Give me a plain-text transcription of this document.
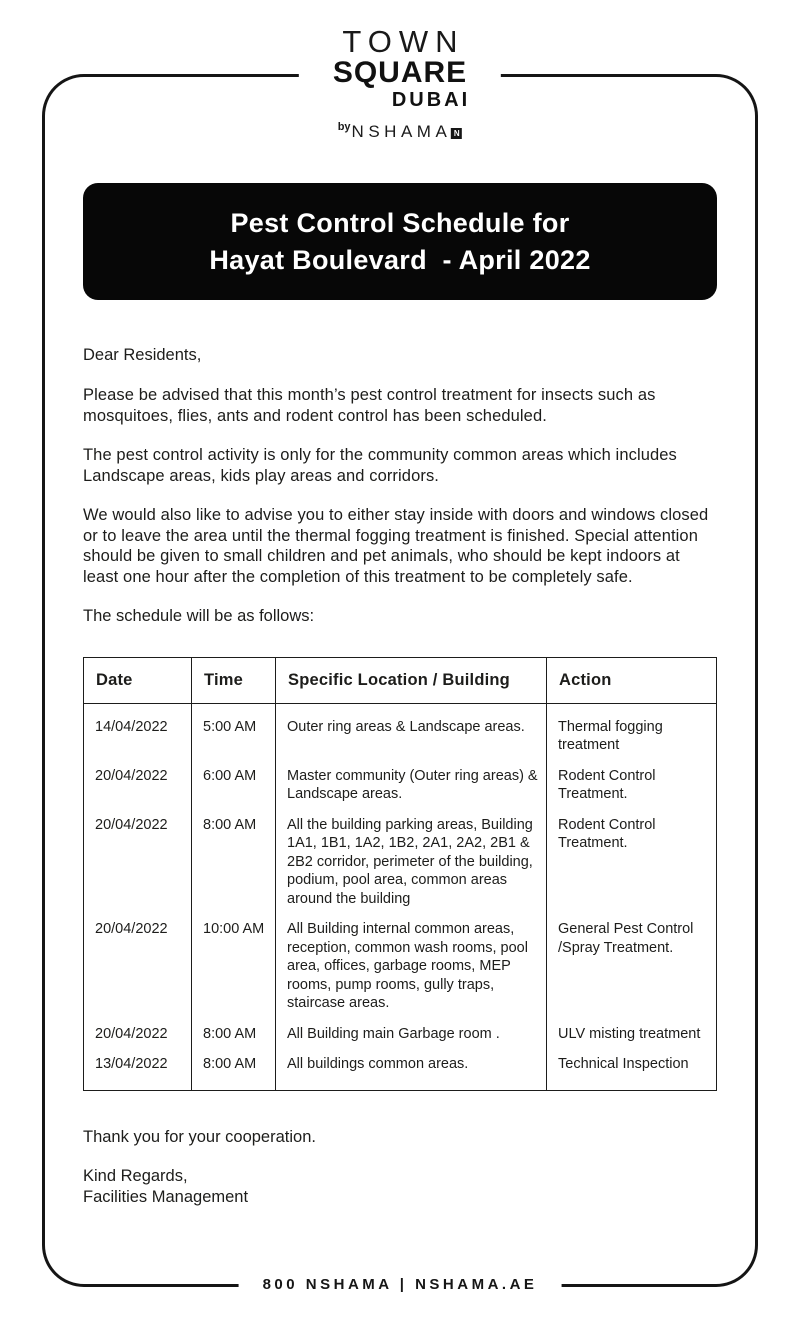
TOWN
SQUARE
DUBAI
$^{by}$NSHAMA N
800 NSHAMA | NSHAMA.AE
Pest Control Schedule for
Hayat Boulevard  - April 2022
Dear Residents,

Please be advised that this month’s pest control treatment for insects such as mosquitoes, flies, ants and rodent control has been scheduled.

The pest control activity is only for the community common areas which includes Landscape areas, kids play areas and corridors.

We would also like to advise you to either stay inside with doors and windows closed or to leave the area until the thermal fogging treatment is finished. Special attention should be given to small children and pet animals, who should be kept indoors at least one hour after the completion of this treatment to be completely safe.

The schedule will be as follows:

Date	Time	Specific Location / Building	Action
14/04/2022	5:00 AM	Outer ring areas & Landscape areas.	Thermal fogging treatment
20/04/2022	6:00 AM	Master community (Outer ring areas) & Landscape areas.	Rodent Control Treatment.
20/04/2022	8:00 AM	All the building parking areas, Building 1A1, 1B1, 1A2, 1B2, 2A1, 2A2, 2B1 & 2B2 corridor, perimeter of the building, podium, pool area, common areas around the building	Rodent Control Treatment.
20/04/2022	10:00 AM	All Building internal common areas, reception, common wash rooms, pool area, offices, garbage rooms, MEP rooms, pump rooms, gully traps, staircase areas.	General Pest Control /Spray Treatment.
20/04/2022	8:00 AM	All Building main Garbage room .	ULV misting treatment
13/04/2022	8:00 AM	All buildings common areas.	Technical Inspection
Thank you for your cooperation.
Kind Regards,
Facilities Management
